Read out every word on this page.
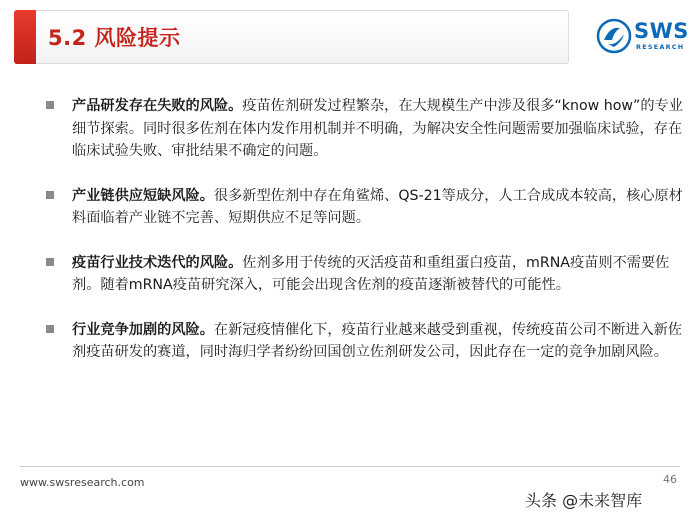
5.2 风险提示	SWS
RESEARCH
产品研发存在失败的风险。疫苗佐剂研发过程繁杂，在大规模生产中涉及很多“know how”的专业细节探索。同时很多佐剂在体内发作用机制并不明确，为解决安全性问题需要加强临床试验，存在临床试验失败、审批结果不确定的问题。
产业链供应短缺风险。很多新型佐剂中存在角鲨烯、QS-21等成分，人工合成成本较高，核心原材料面临着产业链不完善、短期供应不足等问题。
疫苗行业技术迭代的风险。佐剂多用于传统的灭活疫苗和重组蛋白疫苗，mRNA疫苗则不需要佐剂。随着mRNA疫苗研究深入，可能会出现含佐剂的疫苗逐渐被替代的可能性。
行业竞争加剧的风险。在新冠疫情催化下，疫苗行业越来越受到重视，传统疫苗公司不断进入新佐剂疫苗研发的赛道，同时海归学者纷纷回国创立佐剂研发公司，因此存在一定的竞争加剧风险。
www.swsresearch.com	46
头条 @未来智库
